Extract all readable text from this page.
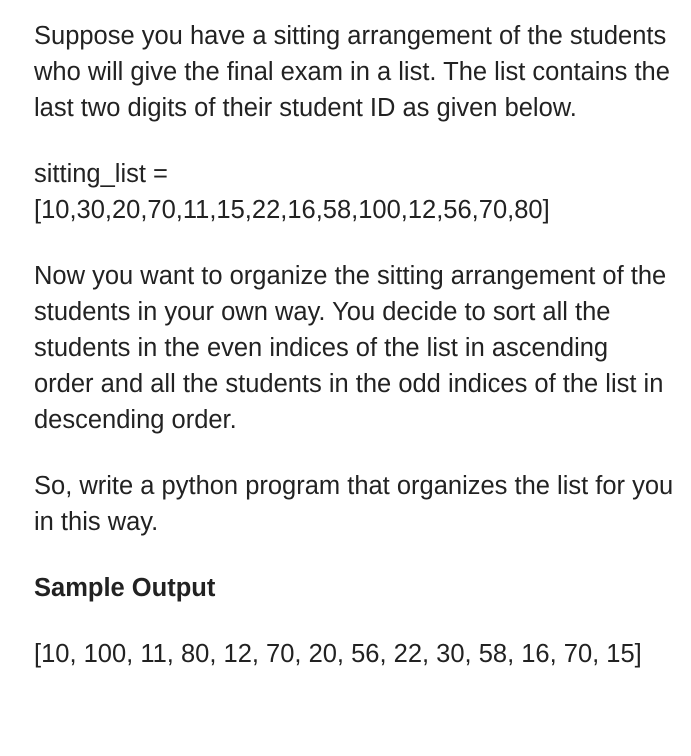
Suppose you have a sitting arrangement of the students who will give the final exam in a list. The list contains the last two digits of their student ID as given below.

sitting_list =

[10,30,20,70,11,15,22,16,58,100,12,56,70,80]

Now you want to organize the sitting arrangement of the students in your own way. You decide to sort all the students in the even indices of the list in ascending order and all the students in the odd indices of the list in descending order.

So, write a python program that organizes the list for you in this way.

Sample Output

[10, 100, 11, 80, 12, 70, 20, 56, 22, 30, 58, 16, 70, 15]
